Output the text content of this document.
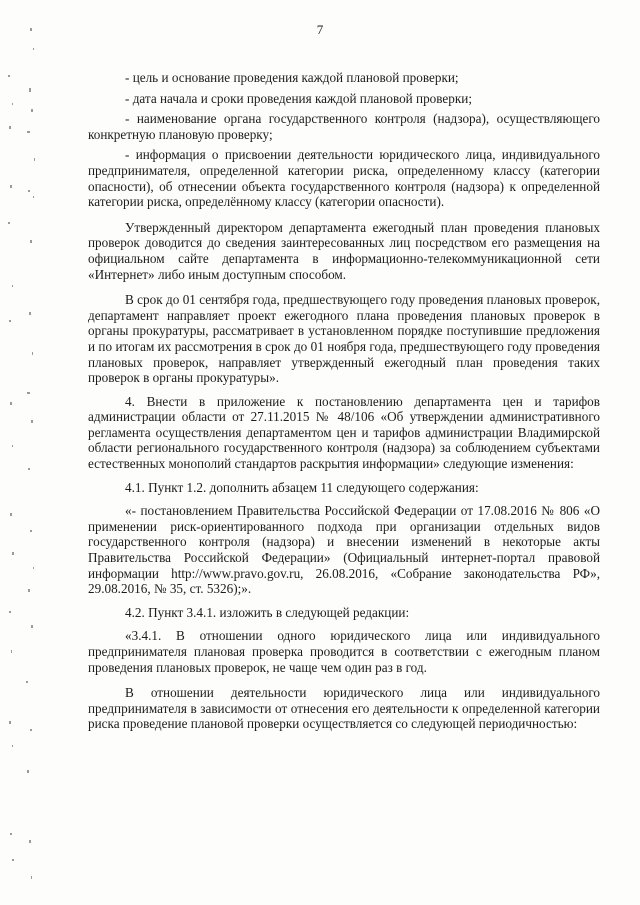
7

- цель и основание проведения каждой плановой проверки;

- дата начала и сроки проведения каждой плановой проверки;

- наименование органа государственного контроля (надзора), осуществляющего конкретную плановую проверку;

- информация о присвоении деятельности юридического лица, индивидуального предпринимателя, определенной категории риска, определенному классу (категории опасности), об отнесении объекта государственного контроля (надзора) к определенной категории риска, определённому классу (категории опасности).

Утвержденный директором департамента ежегодный план проведения плановых проверок доводится до сведения заинтересованных лиц посредством его размещения на официальном сайте департамента в информационно-телекоммуникационной сети «Интернет» либо иным доступным способом.

В срок до 01 сентября года, предшествующего году проведения плановых проверок, департамент направляет проект ежегодного плана проведения плановых проверок в органы прокуратуры, рассматривает в установленном порядке поступившие предложения и по итогам их рассмотрения в срок до 01 ноября года, предшествующего году проведения плановых проверок, направляет утвержденный ежегодный план проведения таких проверок в органы прокуратуры».

4. Внести в приложение к постановлению департамента цен и тарифов администрации области от 27.11.2015 № 48/106 «Об утверждении административного регламента осуществления департаментом цен и тарифов администрации Владимирской области регионального государственного контроля (надзора) за соблюдением субъектами естественных монополий стандартов раскрытия информации» следующие изменения:

4.1. Пункт 1.2. дополнить абзацем 11 следующего содержания:

«- постановлением Правительства Российской Федерации от 17.08.2016 № 806 «О применении риск-ориентированного подхода при организации отдельных видов государственного контроля (надзора) и внесении изменений в некоторые акты Правительства Российской Федерации» (Официальный интернет-портал правовой информации http://www.pravo.gov.ru, 26.08.2016, «Собрание законодательства РФ», 29.08.2016, № 35, ст. 5326);».

4.2. Пункт 3.4.1. изложить в следующей редакции:

«3.4.1. В отношении одного юридического лица или индивидуального предпринимателя плановая проверка проводится в соответствии с ежегодным планом проведения плановых проверок, не чаще чем один раз в год.

В отношении деятельности юридического лица или индивидуального предпринимателя в зависимости от отнесения его деятельности к определенной категории риска проведение плановой проверки осуществляется со следующей периодичностью:
